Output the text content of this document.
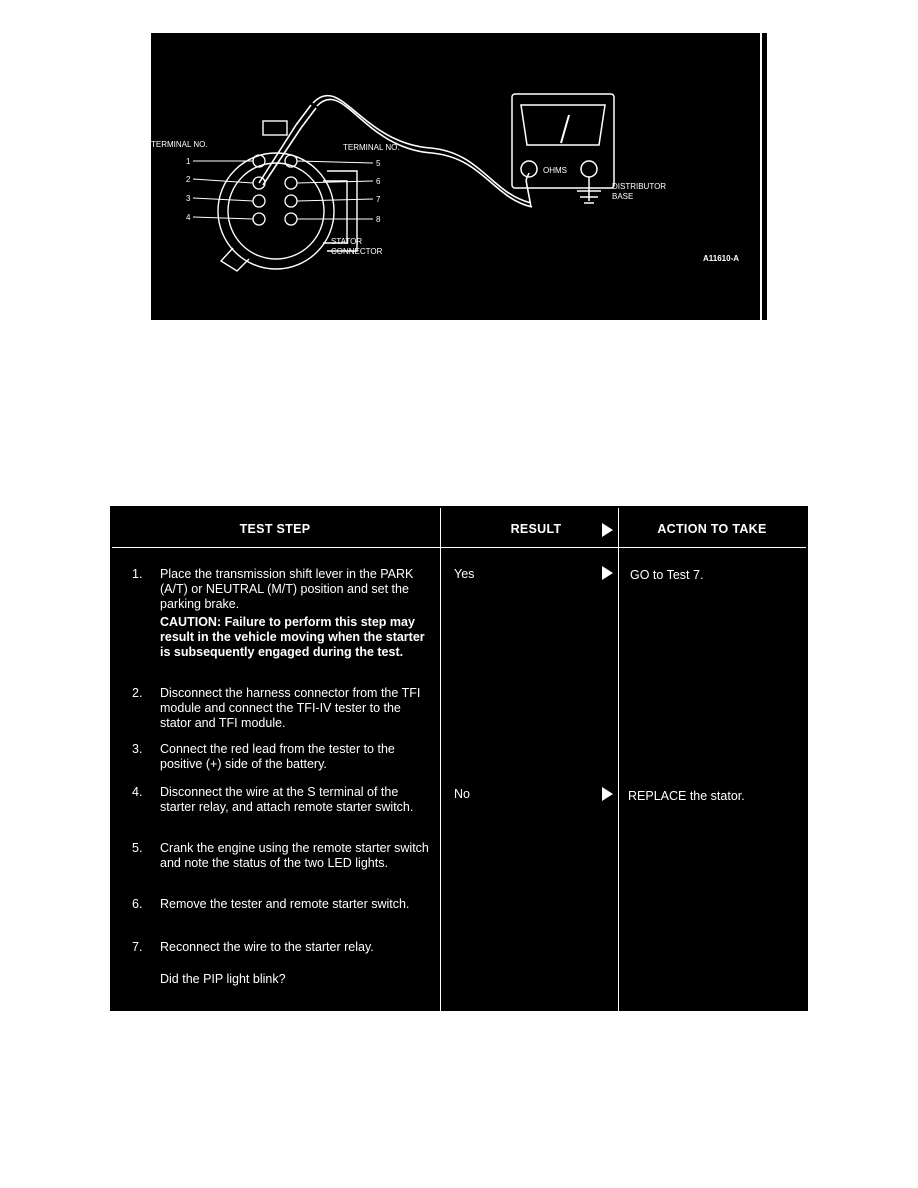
OHMS
TERMINAL NO.	TERMINAL NO.
1
2
3
4
5
6
7
8
DISTRIBUTOR
BASE
STATOR
CONNECTOR
A11610-A
TEST STEP	RESULT	ACTION TO TAKE
1.	Place the transmission shift lever in the PARK (A/T) or NEUTRAL (M/T) position and set the parking brake.
CAUTION: Failure to perform this step may result in the vehicle moving when the starter is subsequently engaged during the test.
2.	Disconnect the harness connector from the TFI module and connect the TFI-IV tester to the stator and TFI module.
3.	Connect the red lead from the tester to the positive (+) side of the battery.
4.	Disconnect the wire at the S terminal of the starter relay, and attach remote starter switch.
5.	Crank the engine using the remote starter switch and note the status of the two LED lights.
6.	Remove the tester and remote starter switch.
7.	Reconnect the wire to the starter relay.
Did the PIP light blink?
Yes	GO to Test 7.
No	REPLACE the stator.
